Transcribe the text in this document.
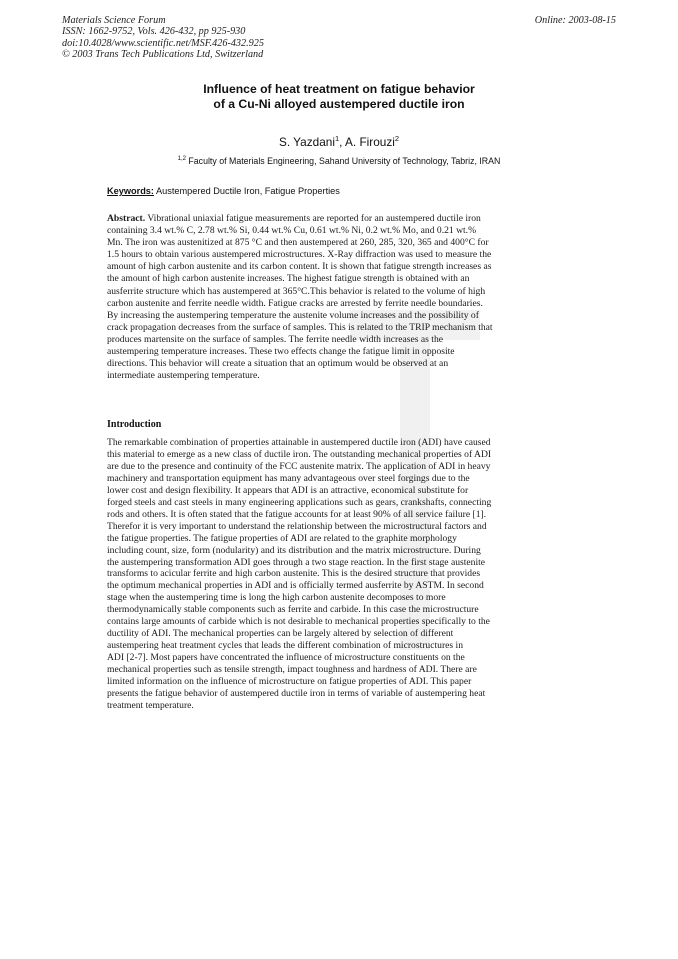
Materials Science Forum
ISSN: 1662-9752, Vols. 426-432, pp 925-930
doi:10.4028/www.scientific.net/MSF.426-432.925
© 2003 Trans Tech Publications Ltd, Switzerland
Online: 2003-08-15
Influence of heat treatment on fatigue behavior
of a Cu-Ni alloyed austempered ductile iron
S. Yazdani$^1$, A. Firouzi$^2$
$^{1,2}$ Faculty of Materials Engineering, Sahand University of Technology, Tabriz, IRAN
Keywords: Austempered Ductile Iron, Fatigue Properties
Abstract. Vibrational uniaxial fatigue measurements are reported for an austempered ductile iron
containing 3.4 wt.% C, 2.78 wt.% Si, 0.44 wt.% Cu, 0.61 wt.% Ni, 0.2 wt.% Mo, and 0.21 wt.%
Mn. The iron was austenitized at 875 °C and then austempered at 260, 285, 320, 365 and 400°C for
1.5 hours to obtain various austempered microstructures. X-Ray diffraction was used to measure the
amount of high carbon austenite and its carbon content. It is shown that fatigue strength increases as
the amount of high carbon austenite increases. The highest fatigue strength is obtained with an
ausferrite structure which has austempered at 365°C.This behavior is related to the volume of high
carbon austenite and ferrite needle width. Fatigue cracks are arrested by ferrite needle boundaries.
By increasing the austempering temperature the austenite volume increases and the possibility of
crack propagation decreases from the surface of samples. This is related to the TRIP mechanism that
produces martensite on the surface of samples. The ferrite needle width increases as the
austempering temperature increases. These two effects change the fatigue limit in opposite
directions. This behavior will create a situation that an optimum would be observed at an
intermediate austempering temperature.
Introduction
The remarkable combination of properties attainable in austempered ductile iron (ADI) have caused
this material to emerge as a new class of ductile iron. The outstanding mechanical properties of ADI
are due to the presence and continuity of the FCC austenite matrix. The application of ADI in heavy
machinery and transportation equipment has many advantageous over steel forgings due to the
lower cost and design flexibility. It appears that ADI is an attractive, economical substitute for
forged steels and cast steels in many engineering applications such as gears, crankshafts, connecting
rods and others. It is often stated that the fatigue accounts for at least 90% of all service failure [1].
Therefor it is very important to understand the relationship between the microstructural factors and
the fatigue properties. The fatigue properties of ADI are related to the graphite morphology
including count, size, form (nodularity) and its distribution and the matrix microstructure. During
the austempering transformation ADI goes through a two stage reaction. In the first stage austenite
transforms to acicular ferrite and high carbon austenite. This is the desired structure that provides
the optimum mechanical properties in ADI and is officially termed ausferrite by ASTM. In second
stage when the austempering time is long the high carbon austenite decomposes to more
thermodynamically stable components such as ferrite and carbide. In this case the microstructure
contains large amounts of carbide which is not desirable to mechanical properties specifically to the
ductility of ADI. The mechanical properties can be largely altered by selection of different
austempering heat treatment cycles that leads the different combination of microstructures in
ADI [2-7]. Most papers have concentrated the influence of microstructure constituents on the
mechanical properties such as tensile strength, impact toughness and hardness of ADI. There are
limited information on the influence of microstructure on fatigue properties of ADI. This paper
presents the fatigue behavior of austempered ductile iron in terms of variable of austempering heat
treatment temperature.
